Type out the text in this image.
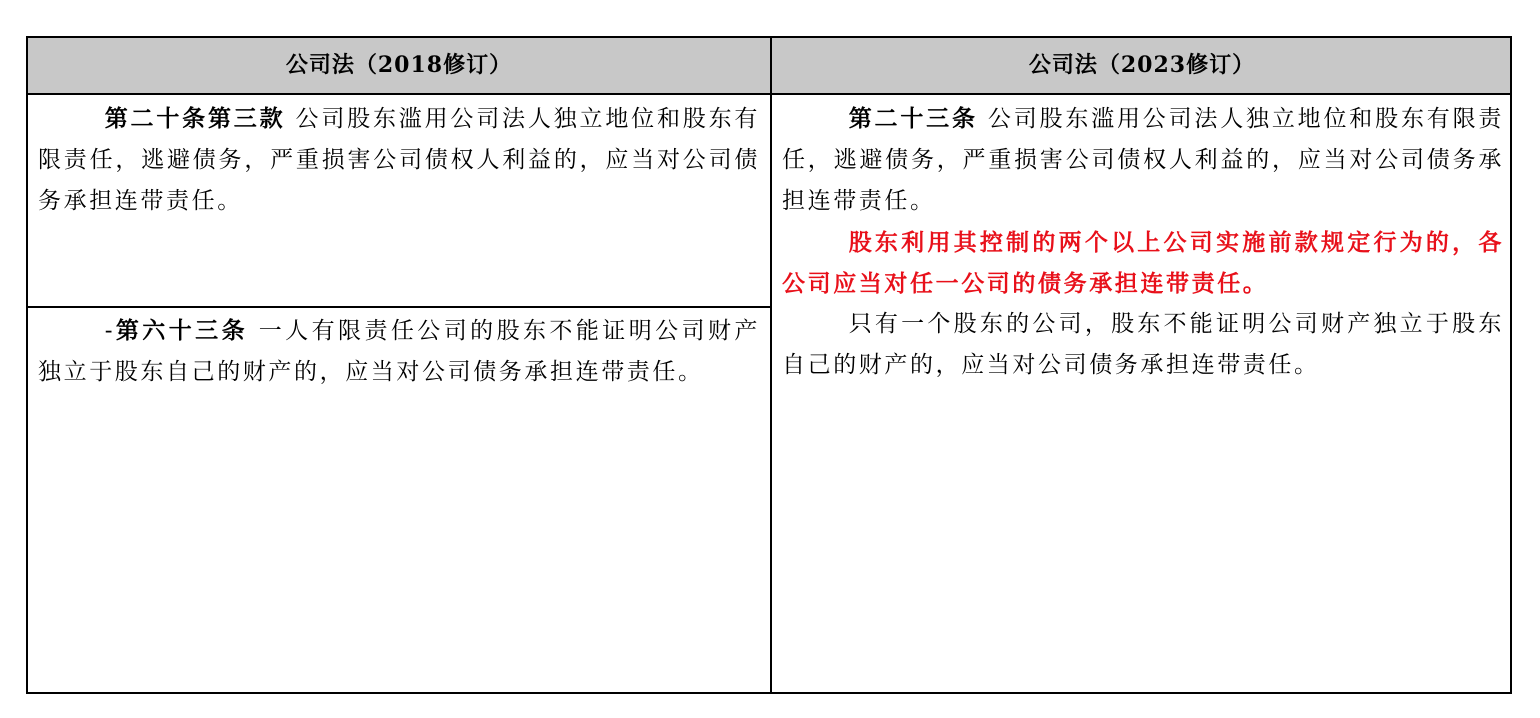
公司法（2018修订）	公司法（2023修订）

第二十条第三款 公司股东滥用公司法人独立地位和股东有限责任，逃避债务，严重损害公司债权人利益的，应当对公司债务承担连带责任。

-第六十三条 一人有限责任公司的股东不能证明公司财产独立于股东自己的财产的，应当对公司债务承担连带责任。

第二十三条 公司股东滥用公司法人独立地位和股东有限责任，逃避债务，严重损害公司债权人利益的，应当对公司债务承担连带责任。

股东利用其控制的两个以上公司实施前款规定行为的，各公司应当对任一公司的债务承担连带责任。

只有一个股东的公司，股东不能证明公司财产独立于股东自己的财产的，应当对公司债务承担连带责任。
